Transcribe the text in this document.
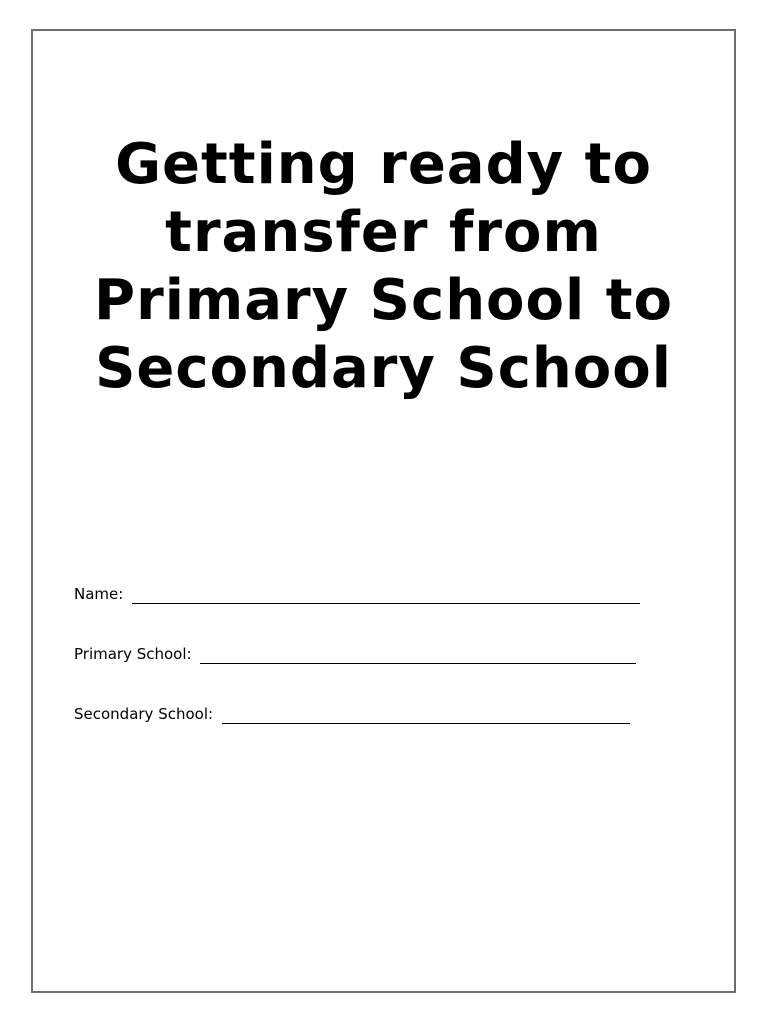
Getting ready to
transfer from
Primary School to
Secondary School
Name:
Primary School:
Secondary School:
